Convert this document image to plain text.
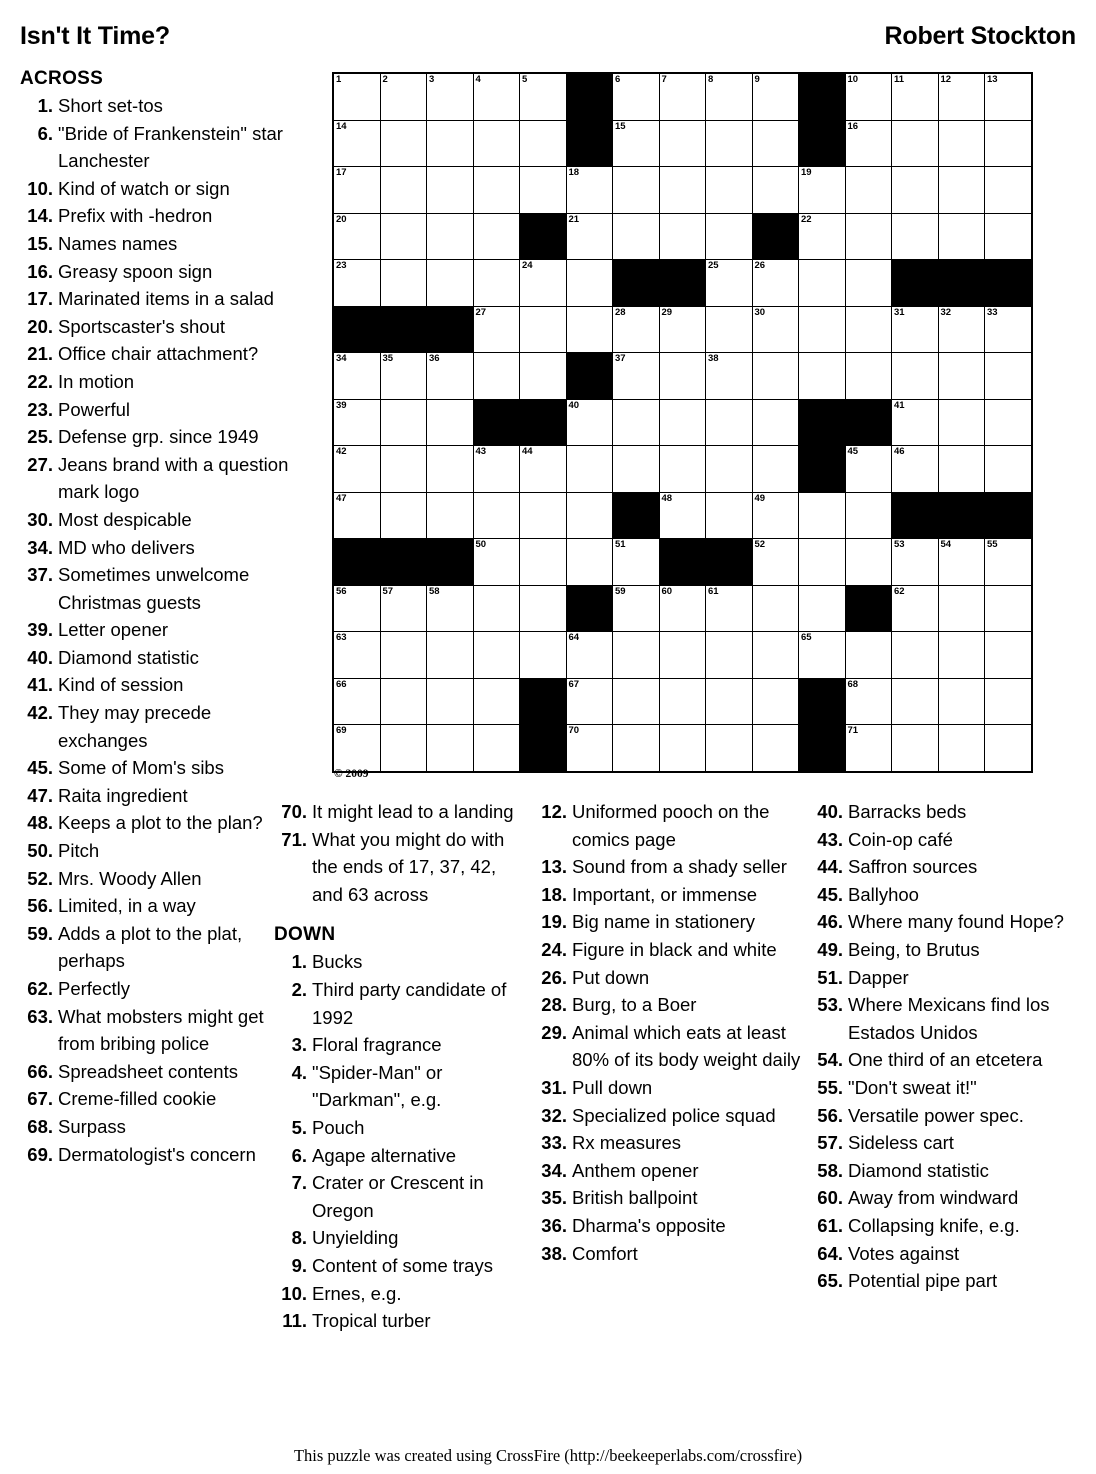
Isn't It Time?	Robert Stockton
1	2	3	4	5		6	7	8	9		10	11	12	13

14						15					16			

17					18					19				

20					21					22				

23				24				25	26					

			27			28	29		30			31	32	33

34	35	36				37		38						

39					40							41		

42			43	44							45	46		

47							48		49					

			50			51			52			53	54	55

56	57	58				59	60	61				62		

63					64					65				

66					67						68			

69					70						71			

© 2009
ACROSS
1. Short set-tos
6. "Bride of Frankenstein" star Lanchester
10. Kind of watch or sign
14. Prefix with -hedron
15. Names names
16. Greasy spoon sign
17. Marinated items in a salad
20. Sportscaster's shout
21. Office chair attachment?
22. In motion
23. Powerful
25. Defense grp. since 1949
27. Jeans brand with a question mark logo
30. Most despicable
34. MD who delivers
37. Sometimes unwelcome Christmas guests
39. Letter opener
40. Diamond statistic
41. Kind of session
42. They may precede exchanges
45. Some of Mom's sibs
47. Raita ingredient
48. Keeps a plot to the plan?
50. Pitch
52. Mrs. Woody Allen
56. Limited, in a way
59. Adds a plot to the plat, perhaps
62. Perfectly
63. What mobsters might get from bribing police
66. Spreadsheet contents
67. Creme-filled cookie
68. Surpass
69. Dermatologist's concern
70. It might lead to a landing
71. What you might do with the ends of 17, 37, 42, and 63 across
DOWN
1. Bucks
2. Third party candidate of 1992
3. Floral fragrance
4. "Spider-Man" or "Darkman", e.g.
5. Pouch
6. Agape alternative
7. Crater or Crescent in Oregon
8. Unyielding
9. Content of some trays
10. Ernes, e.g.
11. Tropical turber
12. Uniformed pooch on the comics page
13. Sound from a shady seller
18. Important, or immense
19. Big name in stationery
24. Figure in black and white
26. Put down
28. Burg, to a Boer
29. Animal which eats at least 80% of its body weight daily
31. Pull down
32. Specialized police squad
33. Rx measures
34. Anthem opener
35. British ballpoint
36. Dharma's opposite
38. Comfort
40. Barracks beds
43. Coin-op café
44. Saffron sources
45. Ballyhoo
46. Where many found Hope?
49. Being, to Brutus
51. Dapper
53. Where Mexicans find los Estados Unidos
54. One third of an etcetera
55. "Don't sweat it!"
56. Versatile power spec.
57. Sideless cart
58. Diamond statistic
60. Away from windward
61. Collapsing knife, e.g.
64. Votes against
65. Potential pipe part
This puzzle was created using CrossFire (http://beekeeperlabs.com/crossfire)
